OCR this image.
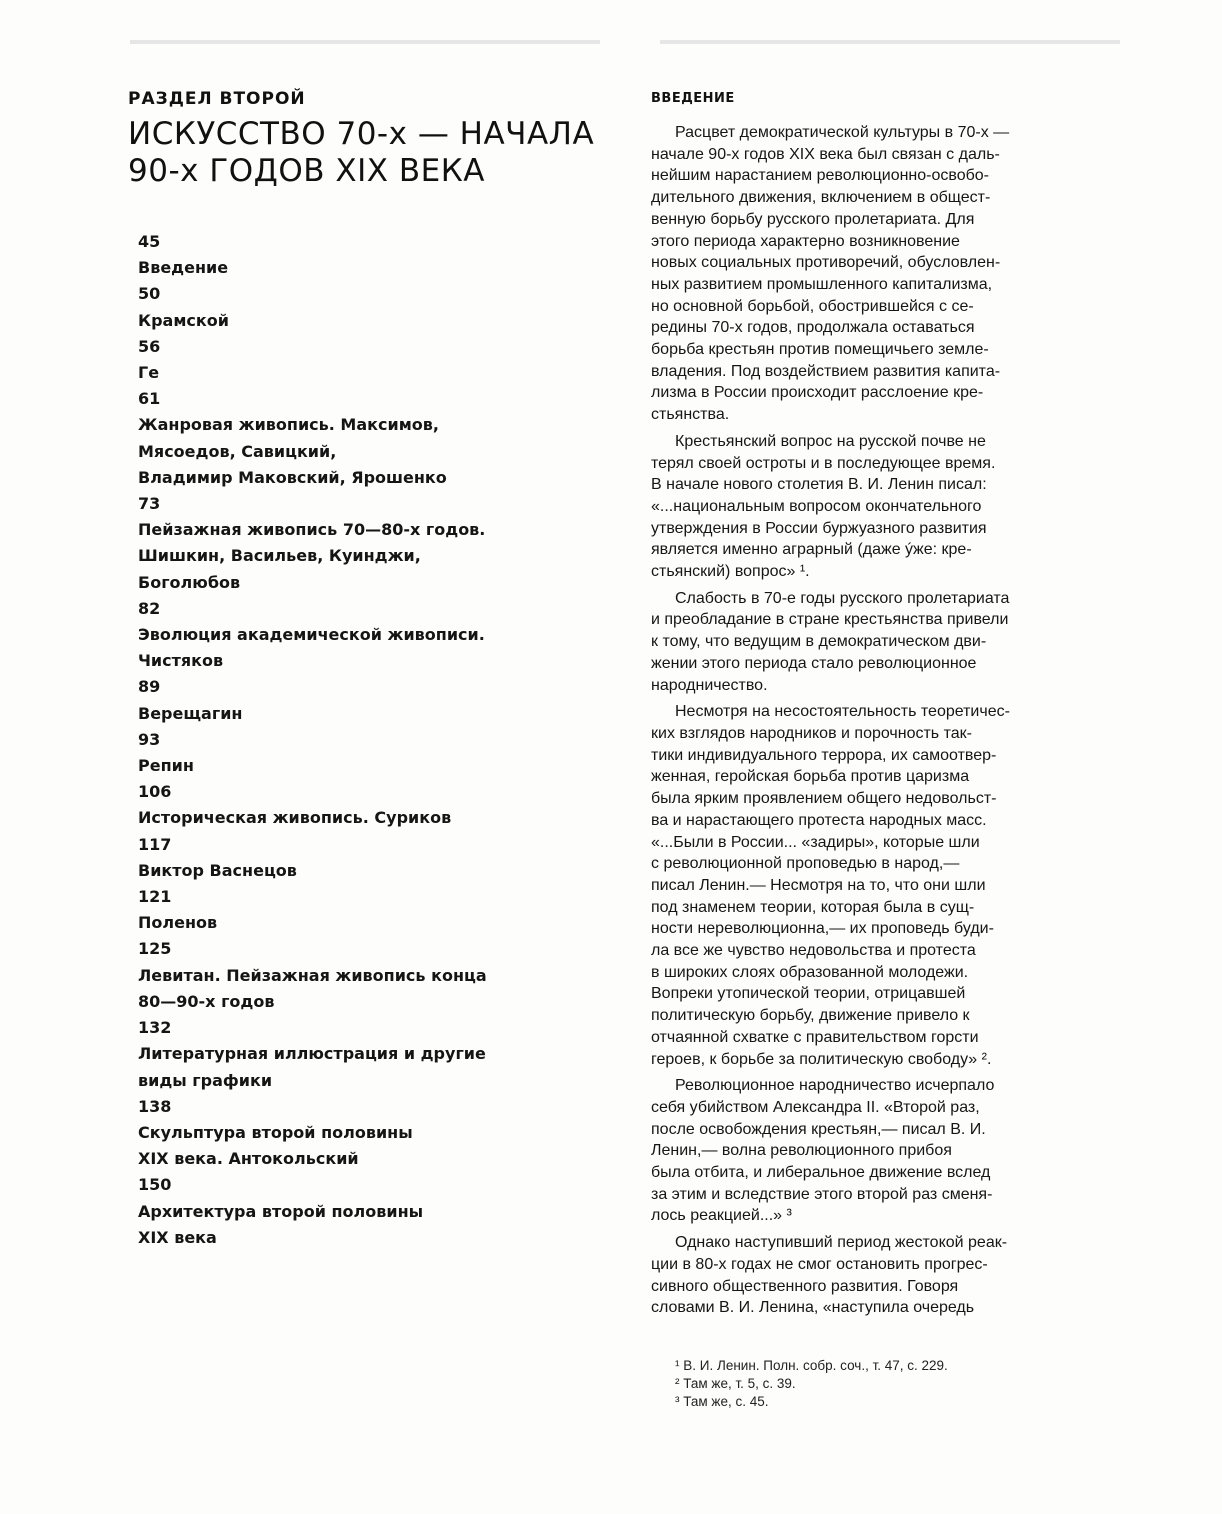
РАЗДЕЛ ВТОРОЙ

ИСКУССТВО 70-х — НАЧАЛА
90-х ГОДОВ XIX ВЕКА
45
Введение
50
Крамской
56
Ге
61
Жанровая живопись. Максимов,
Мясоедов, Савицкий,
Владимир Маковский, Ярошенко
73
Пейзажная живопись 70—80-х годов.
Шишкин, Васильев, Куинджи,
Боголюбов
82
Эволюция академической живописи.
Чистяков
89
Верещагин
93
Репин
106
Историческая живопись. Суриков
117
Виктор Васнецов
121
Поленов
125
Левитан. Пейзажная живопись конца
80—90-х годов
132
Литературная иллюстрация и другие
виды графики
138
Скульптура второй половины
XIX века. Антокольский
150
Архитектура второй половины
XIX века

ВВЕДЕНИЕ

Расцвет демократической культуры в 70-х —
начале 90-х годов XIX века был связан с даль-
нейшим нарастанием революционно-освобо-
дительного движения, включением в общест-
венную борьбу русского пролетариата. Для
этого периода характерно возникновение
новых социальных противоречий, обусловлен-
ных развитием промышленного капитализма,
но основной борьбой, обострившейся с се-
редины 70-х годов, продолжала оставаться
борьба крестьян против помещичьего земле-
владения. Под воздействием развития капита-
лизма в России происходит расслоение кре-
стьянства.

Крестьянский вопрос на русской почве не
терял своей остроты и в последующее время.
В начале нового столетия В. И. Ленин писал:
«...национальным вопросом окончательного
утверждения в России буржуазного развития
является именно аграрный (даже ýже: кре-
стьянский) вопрос» ¹.

Слабость в 70-е годы русского пролетариата
и преобладание в стране крестьянства привели
к тому, что ведущим в демократическом дви-
жении этого периода стало революционное
народничество.

Несмотря на несостоятельность теоретичес-
ких взглядов народников и порочность так-
тики индивидуального террора, их самоотвер-
женная, геройская борьба против царизма
была ярким проявлением общего недовольст-
ва и нарастающего протеста народных масс.
«...Были в России... «задиры», которые шли
с революционной проповедью в народ,—
писал Ленин.— Несмотря на то, что они шли
под знаменем теории, которая была в сущ-
ности нереволюционна,— их проповедь буди-
ла все же чувство недовольства и протеста
в широких слоях образованной молодежи.
Вопреки утопической теории, отрицавшей
политическую борьбу, движение привело к
отчаянной схватке с правительством горсти
героев, к борьбе за политическую свободу» ².

Революционное народничество исчерпало
себя убийством Александра II. «Второй раз,
после освобождения крестьян,— писал В. И.
Ленин,— волна революционного прибоя
была отбита, и либеральное движение вслед
за этим и вследствие этого второй раз сменя-
лось реакцией...» ³

Однако наступивший период жестокой реак-
ции в 80-х годах не смог остановить прогрес-
сивного общественного развития. Говоря
словами В. И. Ленина, «наступила очередь

¹ В. И. Ленин. Полн. собр. соч., т. 47, с. 229.
² Там же, т. 5, с. 39.
³ Там же, с. 45.
